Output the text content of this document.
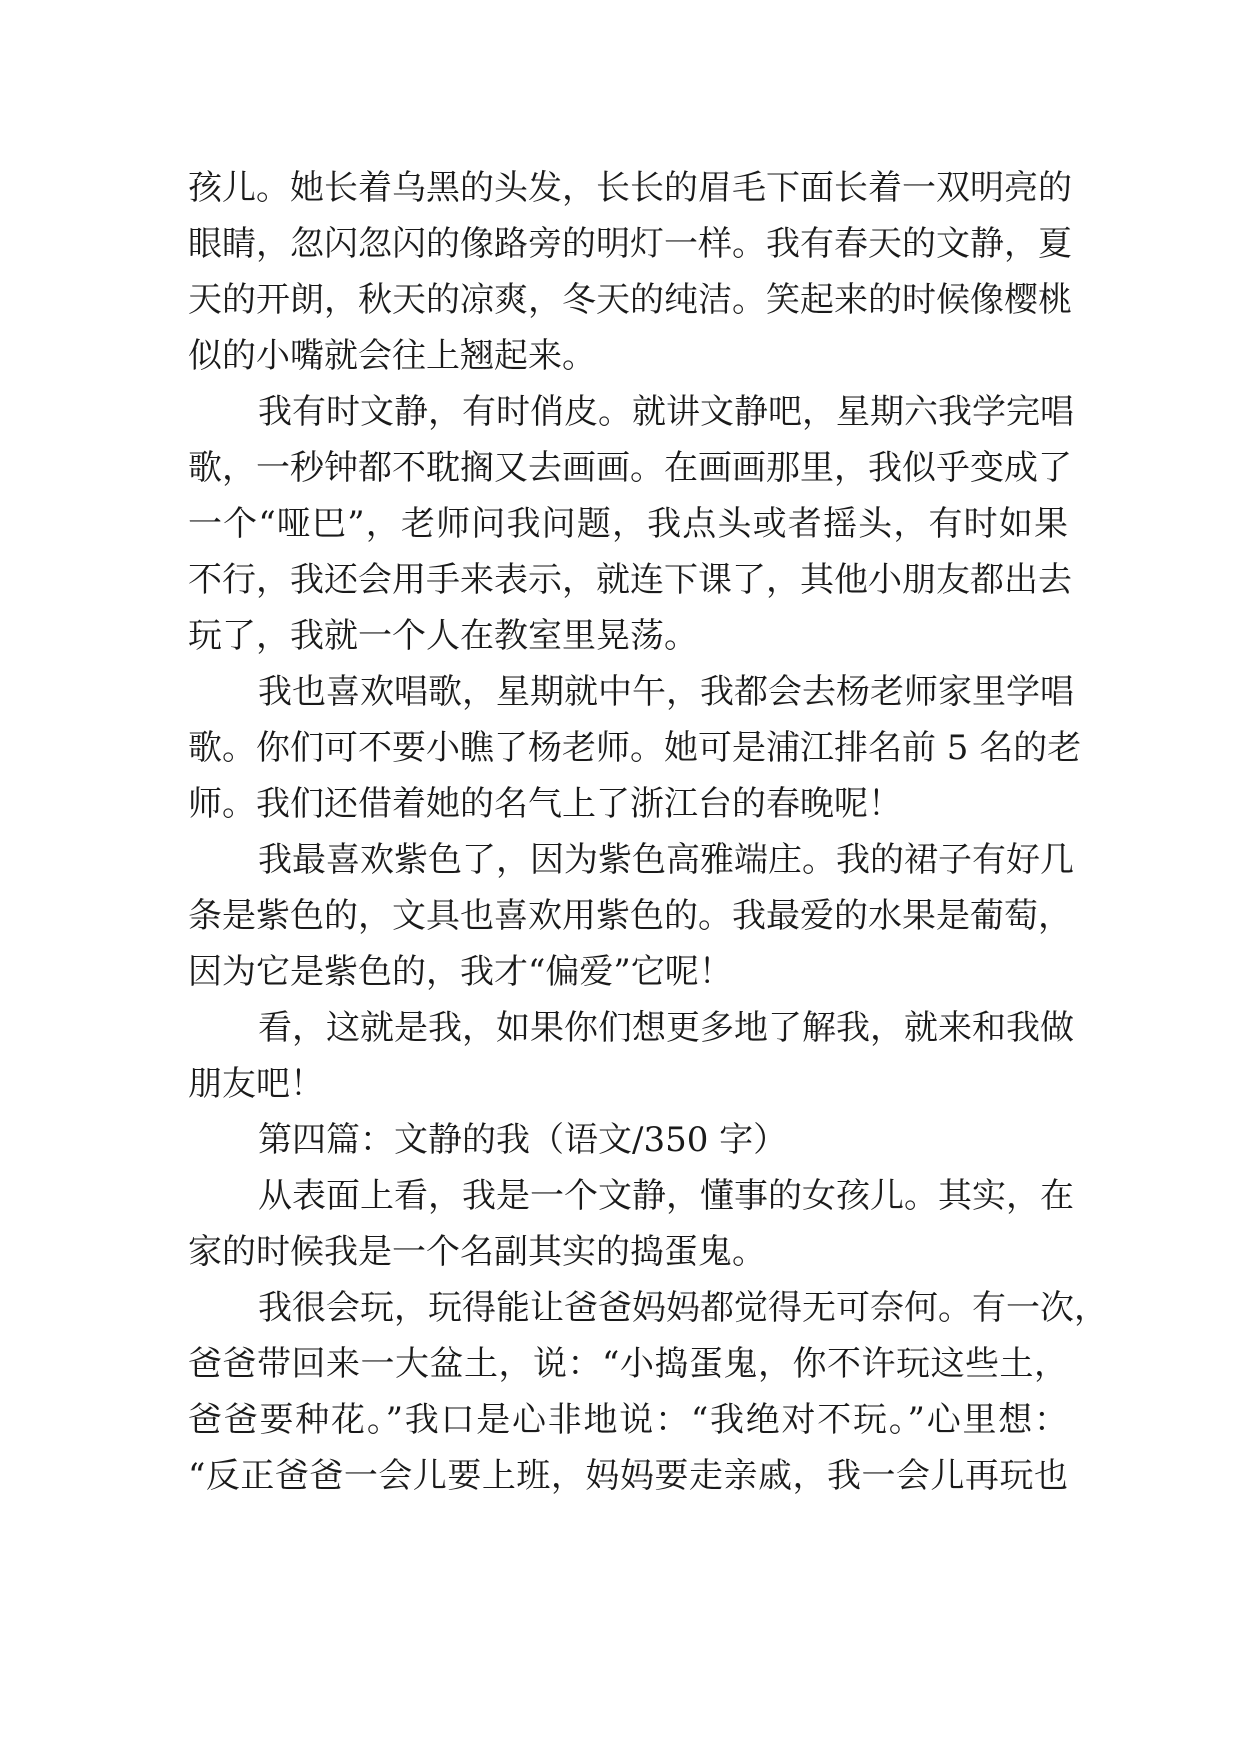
孩儿。她长着乌黑的头发，长长的眉毛下面长着一双明亮的
眼睛，忽闪忽闪的像路旁的明灯一样。我有春天的文静，夏
天的开朗，秋天的凉爽，冬天的纯洁。笑起来的时候像樱桃
似的小嘴就会往上翘起来。
我有时文静，有时俏皮。就讲文静吧，星期六我学完唱
歌，一秒钟都不耽搁又去画画。在画画那里，我似乎变成了
一个“哑巴”，老师问我问题，我点头或者摇头，有时如果
不行，我还会用手来表示，就连下课了，其他小朋友都出去
玩了，我就一个人在教室里晃荡。
我也喜欢唱歌，星期就中午，我都会去杨老师家里学唱
歌。你们可不要小瞧了杨老师。她可是浦江排名前 5 名的老
师。我们还借着她的名气上了浙江台的春晚呢！
我最喜欢紫色了，因为紫色高雅端庄。我的裙子有好几
条是紫色的，文具也喜欢用紫色的。我最爱的水果是葡萄，
因为它是紫色的，我才“偏爱”它呢！
看，这就是我，如果你们想更多地了解我，就来和我做
朋友吧！
第四篇：文静的我（语文/350 字）
从表面上看，我是一个文静，懂事的女孩儿。其实，在
家的时候我是一个名副其实的捣蛋鬼。
我很会玩，玩得能让爸爸妈妈都觉得无可奈何。有一次，
爸爸带回来一大盆土，说：“小捣蛋鬼，你不许玩这些土，
爸爸要种花。”我口是心非地说：“我绝对不玩。”心里想：
“反正爸爸一会儿要上班，妈妈要走亲戚，我一会儿再玩也
